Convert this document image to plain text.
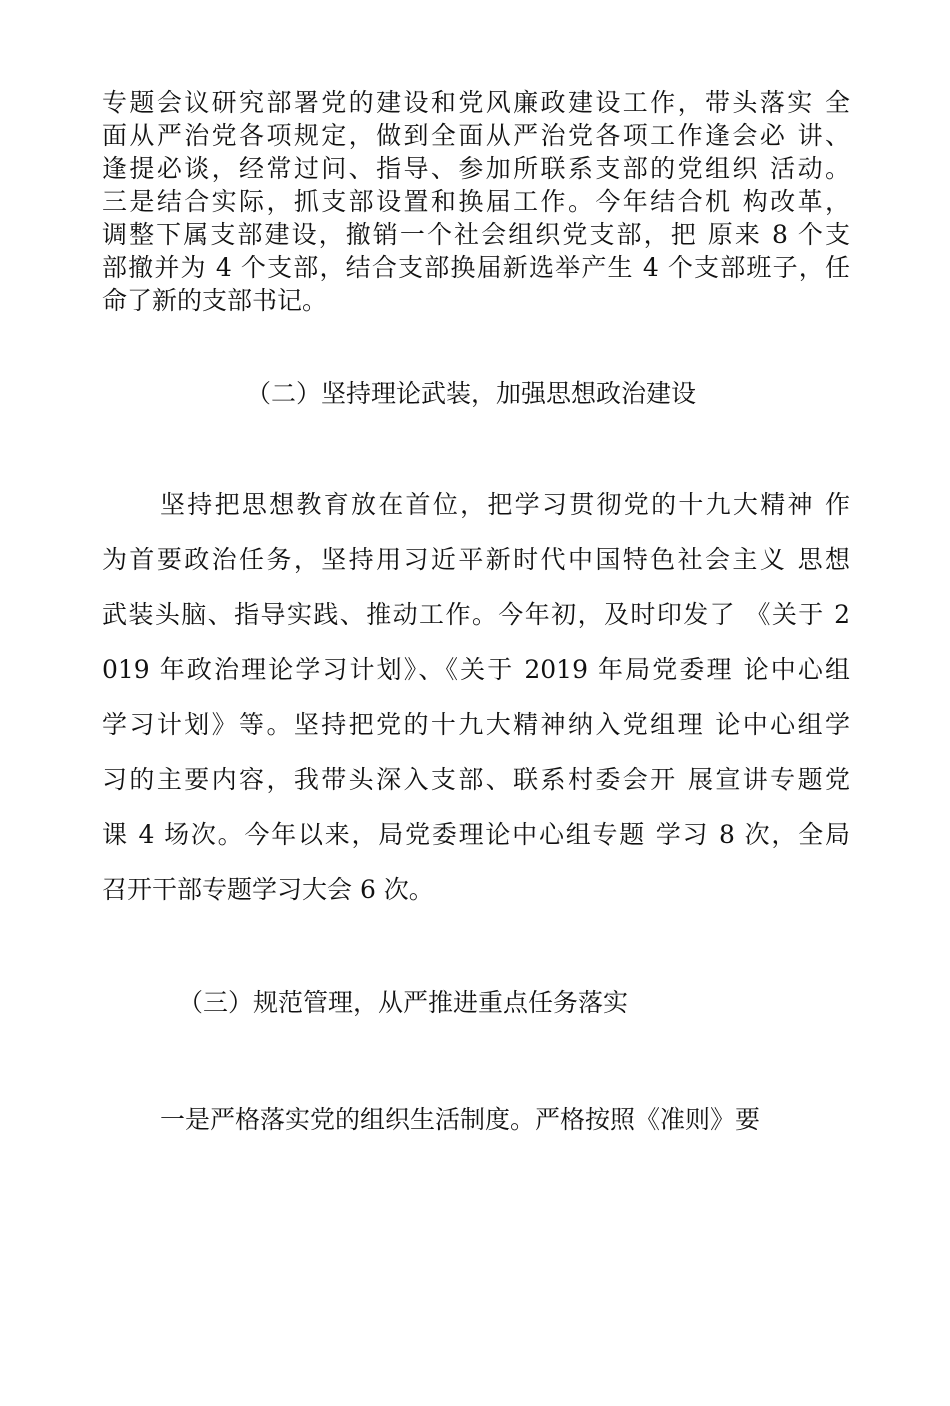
专题会议研究部署党的建设和党风廉政建设工作，带头落实 全
面从严治党各项规定，做到全面从严治党各项工作逢会必 讲、
逢提必谈，经常过问、指导、参加所联系支部的党组织 活动。
三是结合实际，抓支部设置和换届工作。今年结合机 构改革，
调整下属支部建设，撤销一个社会组织党支部，把 原来 8 个支
部撤并为 4 个支部，结合支部换届新选举产生 4 个支部班子，任
命了新的支部书记。
（二）坚持理论武装，加强思想政治建设
坚持把思想教育放在首位，把学习贯彻党的十九大精神 作
为首要政治任务，坚持用习近平新时代中国特色社会主义 思想
武装头脑、指导实践、推动工作。今年初，及时印发了 《关于 2
019 年政治理论学习计划》、《关于 2019 年局党委理 论中心组
学习计划》等。坚持把党的十九大精神纳入党组理 论中心组学
习的主要内容，我带头深入支部、联系村委会开 展宣讲专题党
课 4 场次。今年以来，局党委理论中心组专题 学习 8 次，全局
召开干部专题学习大会 6 次。
（三）规范管理，从严推进重点任务落实
一是严格落实党的组织生活制度。严格按照《准则》要
